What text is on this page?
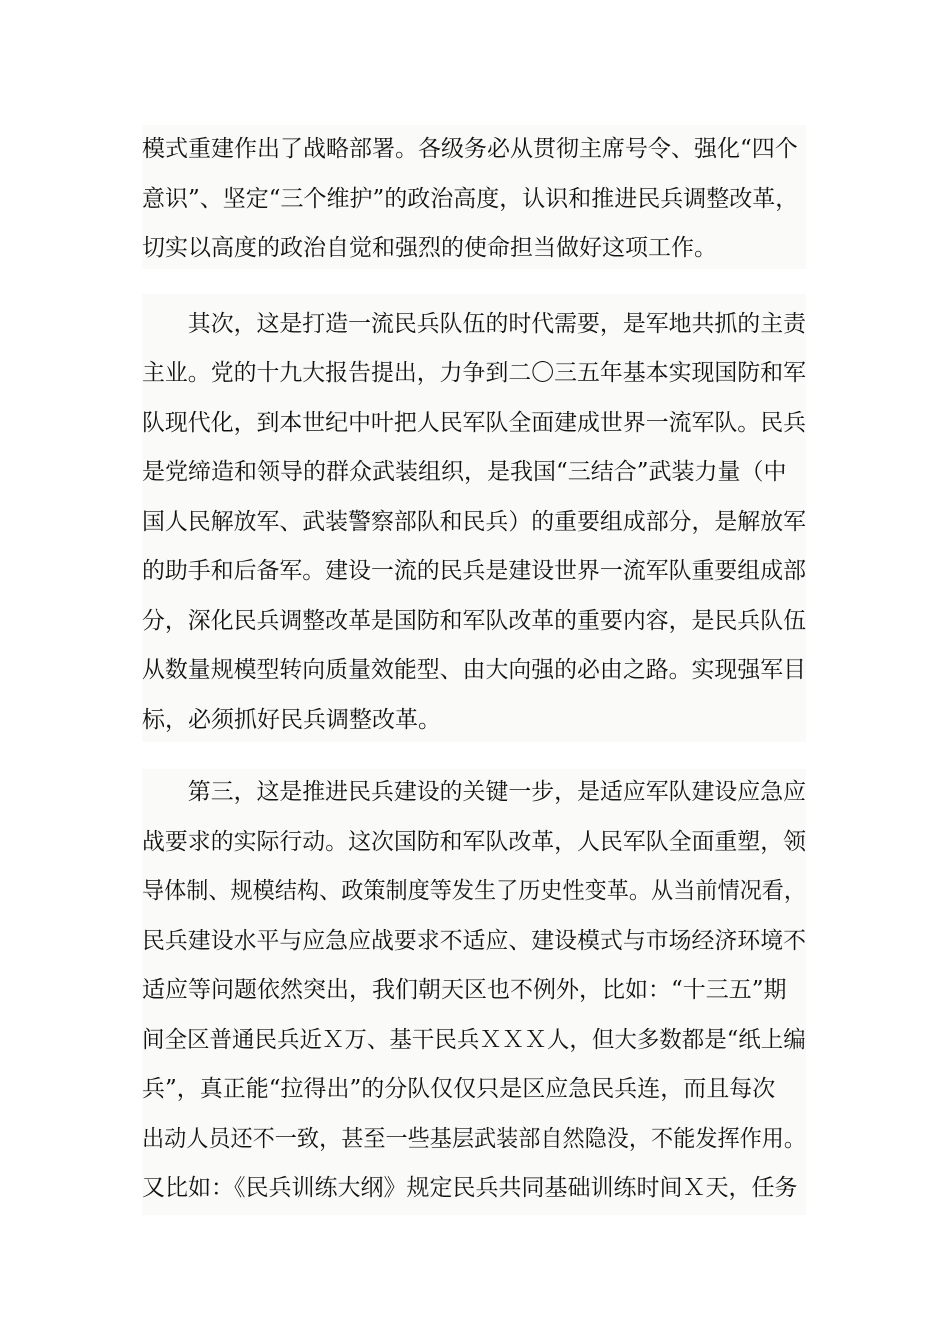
模式重建作出了战略部署。各级务必从贯彻主席号令、强化“四个
意识”、坚定“三个维护”的政治高度，认识和推进民兵调整改革，
切实以高度的政治自觉和强烈的使命担当做好这项工作。
　　其次，这是打造一流民兵队伍的时代需要，是军地共抓的主责
主业。党的十九大报告提出，力争到二〇三五年基本实现国防和军
队现代化，到本世纪中叶把人民军队全面建成世界一流军队。民兵
是党缔造和领导的群众武装组织，是我国“三结合”武装力量（中
国人民解放军、武装警察部队和民兵）的重要组成部分，是解放军
的助手和后备军。建设一流的民兵是建设世界一流军队重要组成部
分，深化民兵调整改革是国防和军队改革的重要内容，是民兵队伍
从数量规模型转向质量效能型、由大向强的必由之路。实现强军目
标，必须抓好民兵调整改革。
　　第三，这是推进民兵建设的关键一步，是适应军队建设应急应
战要求的实际行动。这次国防和军队改革，人民军队全面重塑，领
导体制、规模结构、政策制度等发生了历史性变革。从当前情况看，
民兵建设水平与应急应战要求不适应、建设模式与市场经济环境不
适应等问题依然突出，我们朝天区也不例外，比如：“十三五”期
间全区普通民兵近Ｘ万、基干民兵ＸＸＸ人，但大多数都是“纸上编
兵”，真正能“拉得出”的分队仅仅只是区应急民兵连，而且每次
出动人员还不一致，甚至一些基层武装部自然隐没，不能发挥作用。
又比如：《民兵训练大纲》规定民兵共同基础训练时间Ｘ天，任务
